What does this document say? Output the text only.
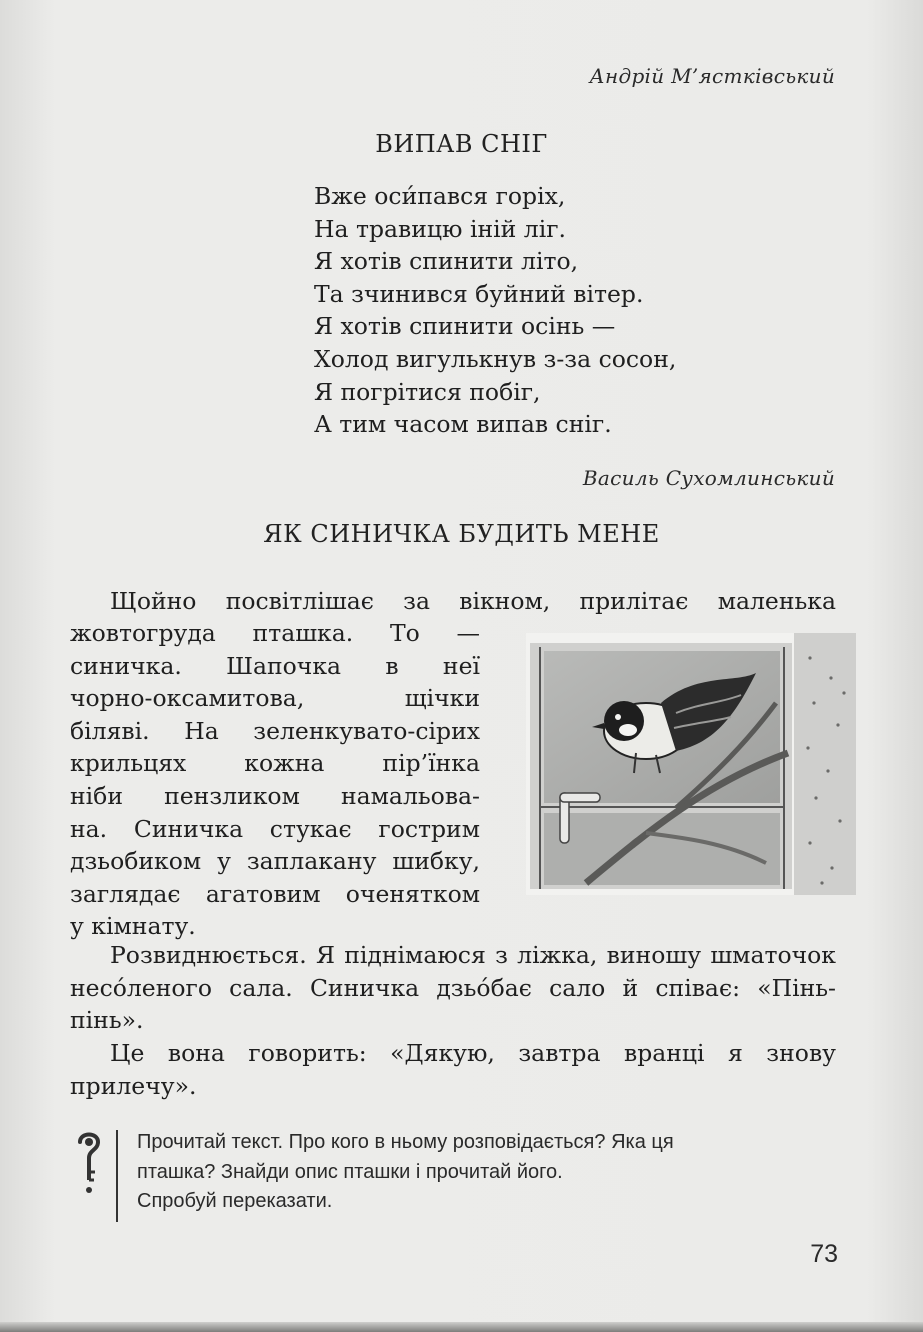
Андрій М’ястківський
ВИПАВ СНІГ
Вже оси́пався горіх,
На травицю іній ліг.
Я хотів спинити літо,
Та зчинився буйний вітер.
Я хотів спинити осінь —
Холод вигулькнув з-за сосон,
Я погрітися побіг,
А тим часом випав сніг.
Василь Сухомлинський
ЯК СИНИЧКА БУДИТЬ МЕНЕ
Щойно посвітлішає за вікном, прилітає маленька
жовтогруда пташка. То —
синичка. Шапочка в неї
чорно-оксамитова, щічки
біляві. На зеленкувато-сірих
крильцях кожна пір’їнка
ніби пензликом намальова-
на. Синичка стукає гострим
дзьобиком у заплакану шибку,
заглядає агатовим оченятком
у кімнату.
Розвиднюється. Я піднімаюся з ліжка, виношу шматочок несо́леного сала. Синичка дзьо́бає сало й співає: «Пінь-пінь».
Це вона говорить: «Дякую, завтра вранці я знову прилечу».
Прочитай текст. Про кого в ньому розповідається? Яка ця
пташка? Знайди опис пташки і прочитай його.
Спробуй переказати.
73
